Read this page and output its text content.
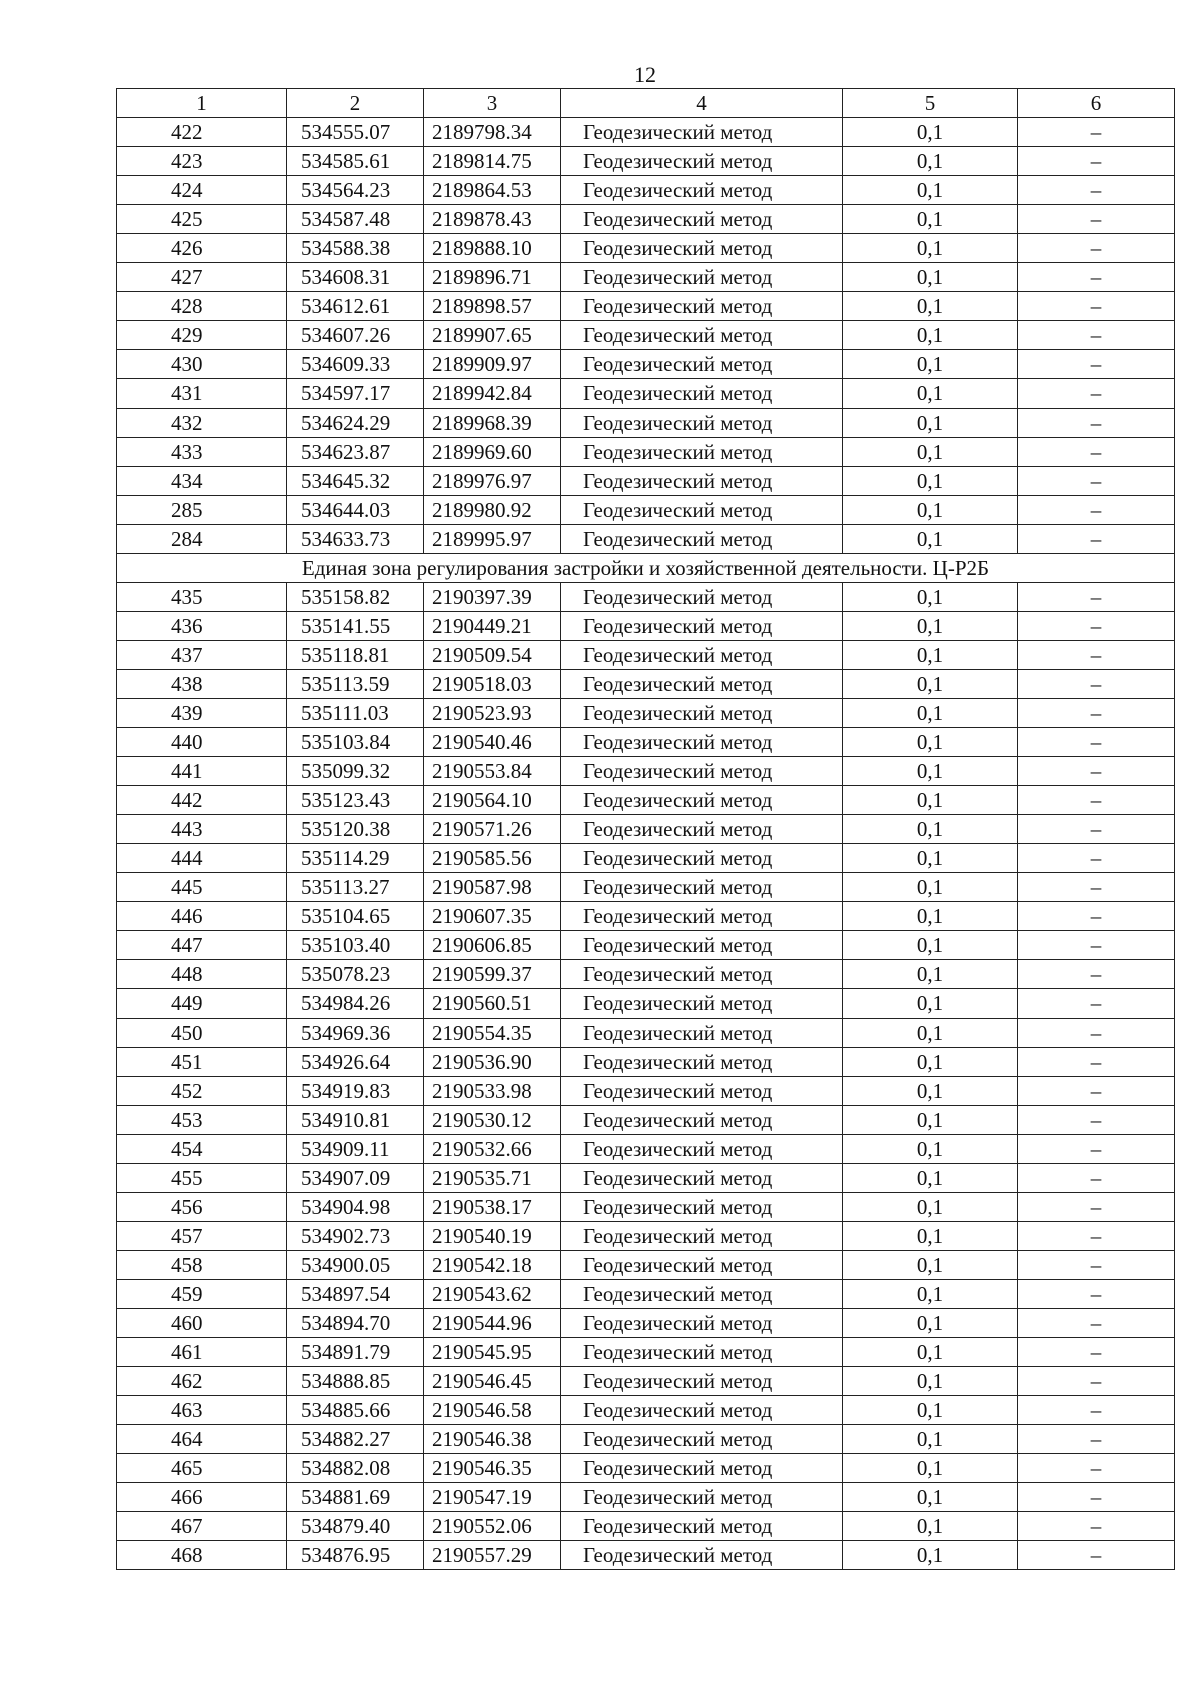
12
1	2	3	4	5	6
422	534555.07	2189798.34	Геодезический метод	0,1	–
423	534585.61	2189814.75	Геодезический метод	0,1	–
424	534564.23	2189864.53	Геодезический метод	0,1	–
425	534587.48	2189878.43	Геодезический метод	0,1	–
426	534588.38	2189888.10	Геодезический метод	0,1	–
427	534608.31	2189896.71	Геодезический метод	0,1	–
428	534612.61	2189898.57	Геодезический метод	0,1	–
429	534607.26	2189907.65	Геодезический метод	0,1	–
430	534609.33	2189909.97	Геодезический метод	0,1	–
431	534597.17	2189942.84	Геодезический метод	0,1	–
432	534624.29	2189968.39	Геодезический метод	0,1	–
433	534623.87	2189969.60	Геодезический метод	0,1	–
434	534645.32	2189976.97	Геодезический метод	0,1	–
285	534644.03	2189980.92	Геодезический метод	0,1	–
284	534633.73	2189995.97	Геодезический метод	0,1	–
Единая зона регулирования застройки и хозяйственной деятельности. Ц-Р2Б					
435	535158.82	2190397.39	Геодезический метод	0,1	–
436	535141.55	2190449.21	Геодезический метод	0,1	–
437	535118.81	2190509.54	Геодезический метод	0,1	–
438	535113.59	2190518.03	Геодезический метод	0,1	–
439	535111.03	2190523.93	Геодезический метод	0,1	–
440	535103.84	2190540.46	Геодезический метод	0,1	–
441	535099.32	2190553.84	Геодезический метод	0,1	–
442	535123.43	2190564.10	Геодезический метод	0,1	–
443	535120.38	2190571.26	Геодезический метод	0,1	–
444	535114.29	2190585.56	Геодезический метод	0,1	–
445	535113.27	2190587.98	Геодезический метод	0,1	–
446	535104.65	2190607.35	Геодезический метод	0,1	–
447	535103.40	2190606.85	Геодезический метод	0,1	–
448	535078.23	2190599.37	Геодезический метод	0,1	–
449	534984.26	2190560.51	Геодезический метод	0,1	–
450	534969.36	2190554.35	Геодезический метод	0,1	–
451	534926.64	2190536.90	Геодезический метод	0,1	–
452	534919.83	2190533.98	Геодезический метод	0,1	–
453	534910.81	2190530.12	Геодезический метод	0,1	–
454	534909.11	2190532.66	Геодезический метод	0,1	–
455	534907.09	2190535.71	Геодезический метод	0,1	–
456	534904.98	2190538.17	Геодезический метод	0,1	–
457	534902.73	2190540.19	Геодезический метод	0,1	–
458	534900.05	2190542.18	Геодезический метод	0,1	–
459	534897.54	2190543.62	Геодезический метод	0,1	–
460	534894.70	2190544.96	Геодезический метод	0,1	–
461	534891.79	2190545.95	Геодезический метод	0,1	–
462	534888.85	2190546.45	Геодезический метод	0,1	–
463	534885.66	2190546.58	Геодезический метод	0,1	–
464	534882.27	2190546.38	Геодезический метод	0,1	–
465	534882.08	2190546.35	Геодезический метод	0,1	–
466	534881.69	2190547.19	Геодезический метод	0,1	–
467	534879.40	2190552.06	Геодезический метод	0,1	–
468	534876.95	2190557.29	Геодезический метод	0,1	–
